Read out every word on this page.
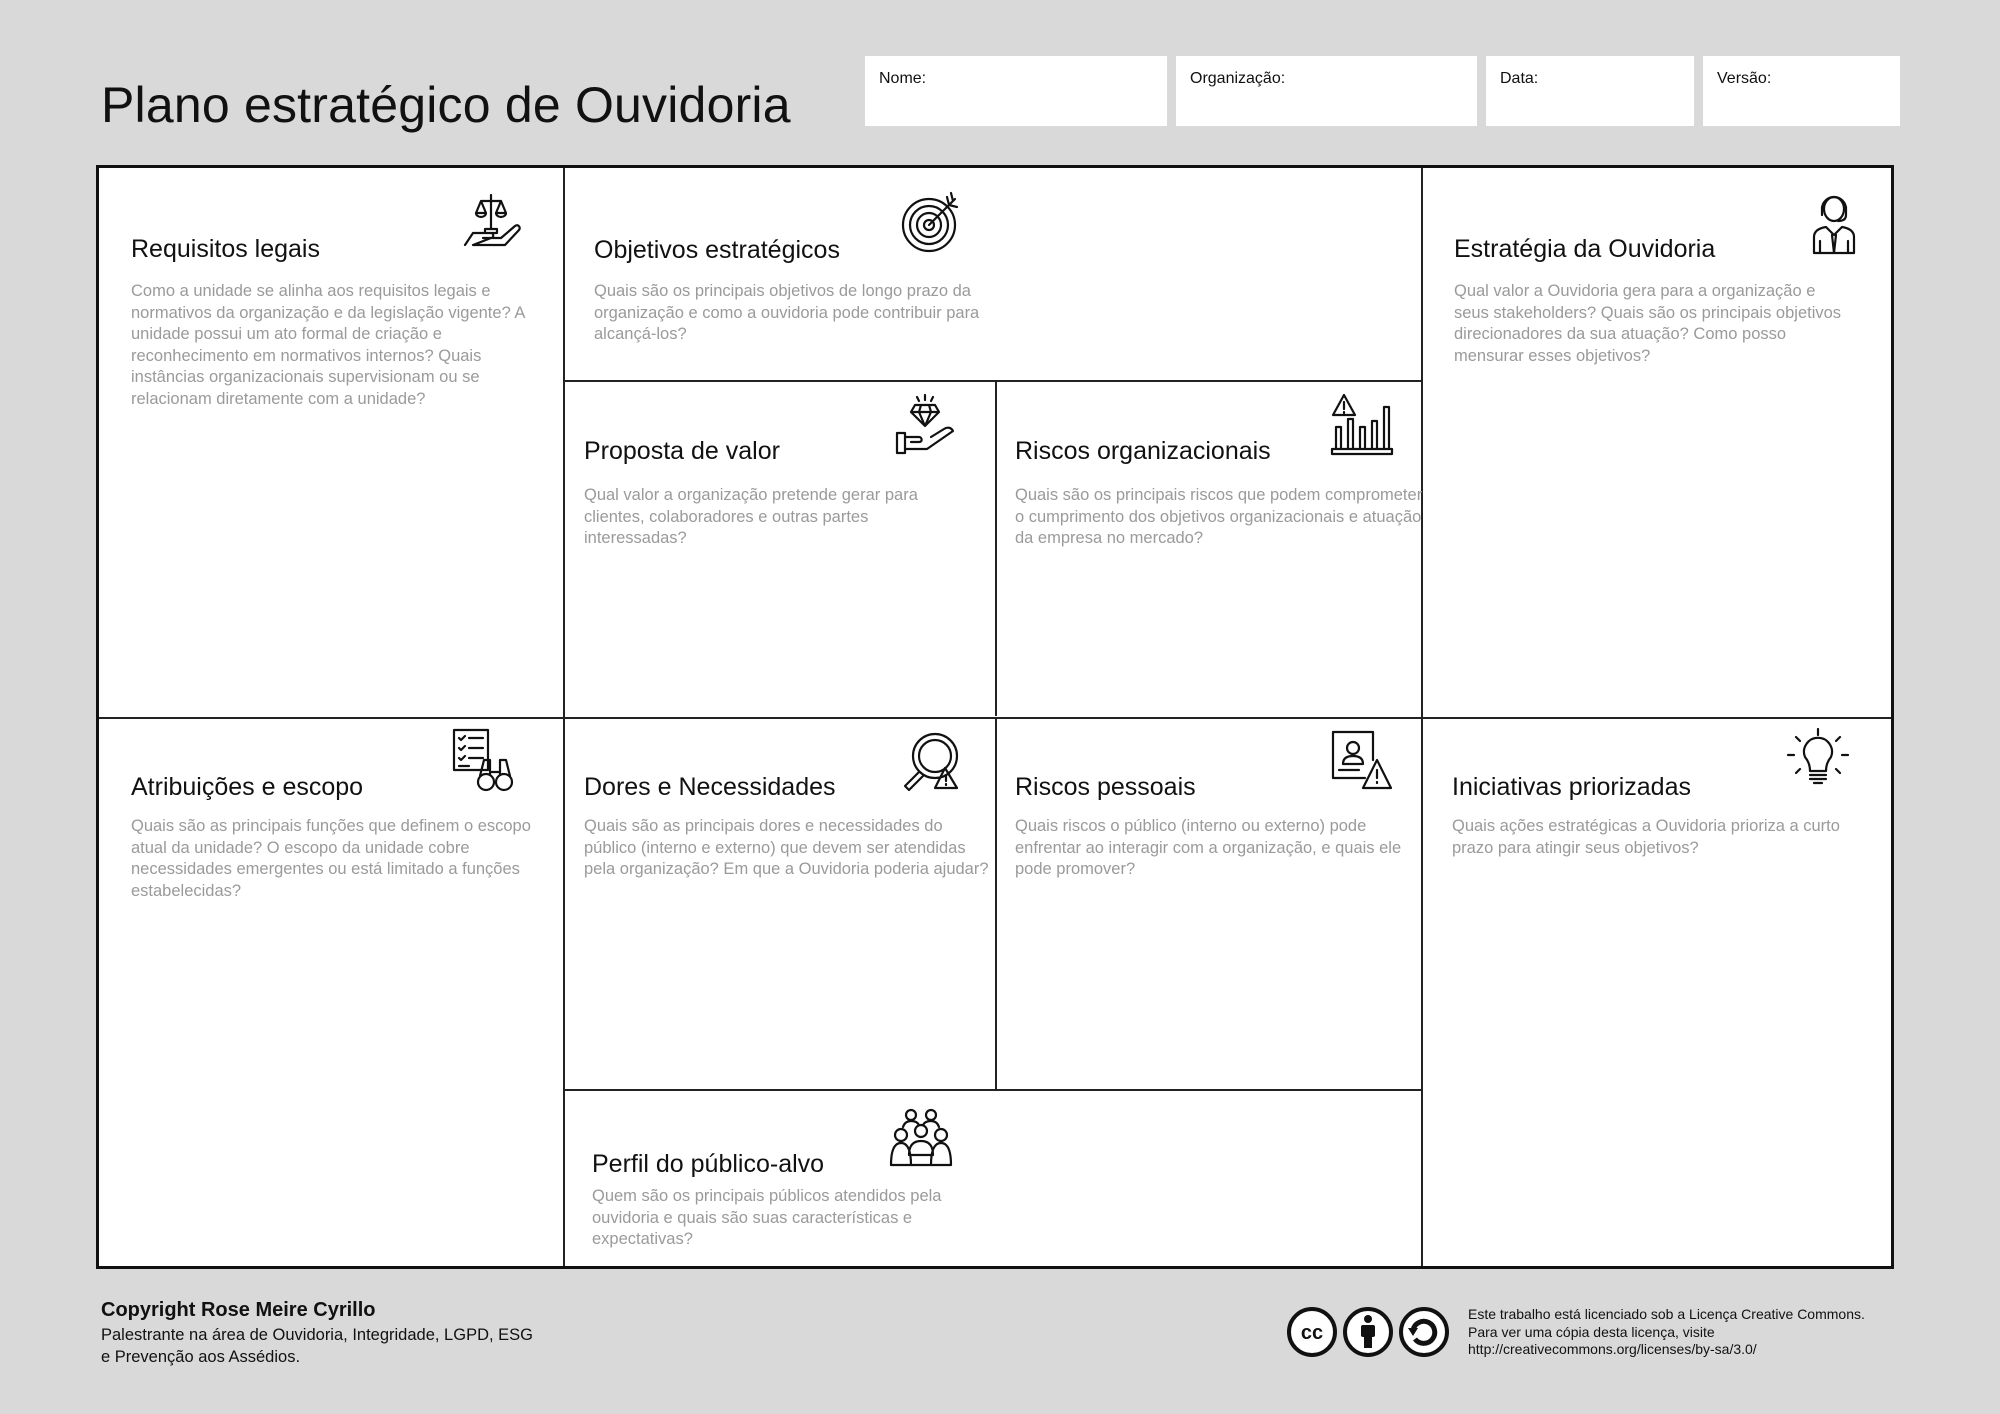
Plano estratégico de Ouvidoria	Nome:	Organização:	Data:	Versão:
Copyright Rose Meire Cyrillo
Palestrante na área de Ouvidoria, Integridade, LGPD, ESG e Prevenção aos Assédios.
cc
Este trabalho está licenciado sob a Licença Creative Commons.
Para ver uma cópia desta licença, visite
http://creativecommons.org/licenses/by-sa/3.0/
Requisitos legais
Como a unidade se alinha aos requisitos legais e normativos da organização e da legislação vigente? A unidade possui um ato formal de criação e reconhecimento em normativos internos? Quais instâncias organizacionais supervisionam ou se relacionam diretamente com a unidade?
Objetivos estratégicos
Quais são os principais objetivos de longo prazo da organização e como a ouvidoria pode contribuir para alcançá-los?
Estratégia da Ouvidoria
Qual valor a Ouvidoria gera para a organização e seus stakeholders? Quais são os principais objetivos direcionadores da sua atuação? Como posso mensurar esses objetivos?
Proposta de valor
Qual valor a organização pretende gerar para clientes, colaboradores e outras partes interessadas?
Riscos organizacionais
Quais são os principais riscos que podem comprometer o cumprimento dos objetivos organizacionais e atuação da empresa no mercado?
Atribuições e escopo
Quais são as principais funções que definem o escopo atual da unidade? O escopo da unidade cobre necessidades emergentes ou está limitado a funções estabelecidas?
Dores e Necessidades
Quais são as principais dores e necessidades do público (interno e externo) que devem ser atendidas pela organização? Em que a Ouvidoria poderia ajudar?
Riscos pessoais
Quais riscos o público (interno ou externo) pode enfrentar ao interagir com a organização, e quais ele pode promover?
Iniciativas priorizadas
Quais ações estratégicas a Ouvidoria prioriza a curto prazo para atingir seus objetivos?
Perfil do público-alvo
Quem são os principais públicos atendidos pela ouvidoria e quais são suas características e expectativas?
